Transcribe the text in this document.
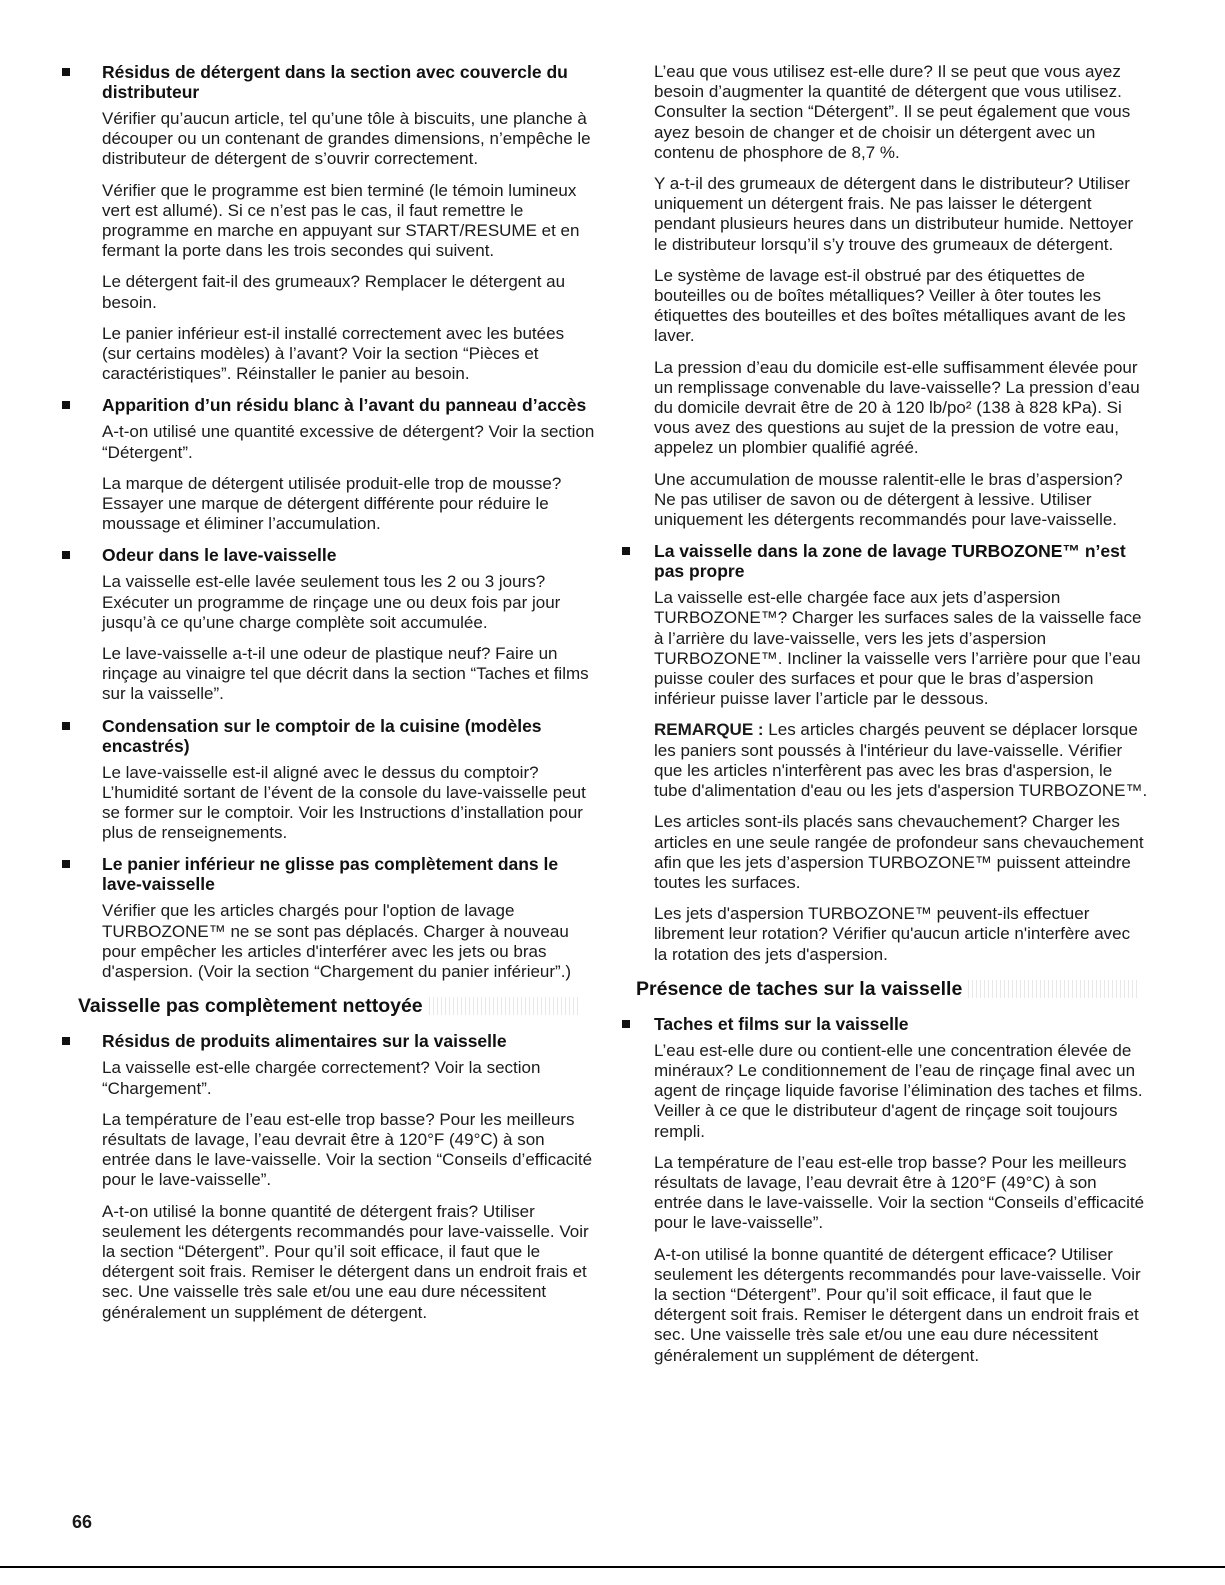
Résidus de détergent dans la section avec couvercle du distributeur

Vérifier qu’aucun article, tel qu’une tôle à biscuits, une planche à découper ou un contenant de grandes dimensions, n’empêche le distributeur de détergent de s’ouvrir correctement.

Vérifier que le programme est bien terminé (le témoin lumineux vert est allumé). Si ce n’est pas le cas, il faut remettre le programme en marche en appuyant sur START/RESUME et en fermant la porte dans les trois secondes qui suivent.

Le détergent fait-il des grumeaux? Remplacer le détergent au besoin.

Le panier inférieur est-il installé correctement avec les butées (sur certains modèles) à l’avant? Voir la section “Pièces et caractéristiques”. Réinstaller le panier au besoin.

Apparition d’un résidu blanc à l’avant du panneau d’accès

A-t-on utilisé une quantité excessive de détergent? Voir la section “Détergent”.

La marque de détergent utilisée produit-elle trop de mousse? Essayer une marque de détergent différente pour réduire le moussage et éliminer l’accumulation.

Odeur dans le lave-vaisselle

La vaisselle est-elle lavée seulement tous les 2 ou 3 jours? Exécuter un programme de rinçage une ou deux fois par jour jusqu’à ce qu’une charge complète soit accumulée.

Le lave-vaisselle a-t-il une odeur de plastique neuf? Faire un rinçage au vinaigre tel que décrit dans la section “Taches et films sur la vaisselle”.

Condensation sur le comptoir de la cuisine (modèles encastrés)

Le lave-vaisselle est-il aligné avec le dessus du comptoir? L’humidité sortant de l’évent de la console du lave-vaisselle peut se former sur le comptoir. Voir les Instructions d’installation pour plus de renseignements.

Le panier inférieur ne glisse pas complètement dans le lave-vaisselle

Vérifier que les articles chargés pour l'option de lavage TURBOZONE™ ne se sont pas déplacés. Charger à nouveau pour empêcher les articles d'interférer avec les jets ou bras d'aspersion. (Voir la section “Chargement du panier inférieur”.)

Vaisselle pas complètement nettoyée
Résidus de produits alimentaires sur la vaisselle

La vaisselle est-elle chargée correctement? Voir la section “Chargement”.

La température de l’eau est-elle trop basse? Pour les meilleurs résultats de lavage, l’eau devrait être à 120°F (49°C) à son entrée dans le lave-vaisselle. Voir la section “Conseils d’efficacité pour le lave-vaisselle”.

A-t-on utilisé la bonne quantité de détergent frais? Utiliser seulement les détergents recommandés pour lave-vaisselle. Voir la section “Détergent”. Pour qu’il soit efficace, il faut que le détergent soit frais. Remiser le détergent dans un endroit frais et sec. Une vaisselle très sale et/ou une eau dure nécessitent généralement un supplément de détergent.

L’eau que vous utilisez est-elle dure? Il se peut que vous ayez besoin d’augmenter la quantité de détergent que vous utilisez. Consulter la section “Détergent”. Il se peut également que vous ayez besoin de changer et de choisir un détergent avec un contenu de phosphore de 8,7 %.

Y a-t-il des grumeaux de détergent dans le distributeur? Utiliser uniquement un détergent frais. Ne pas laisser le détergent pendant plusieurs heures dans un distributeur humide. Nettoyer le distributeur lorsqu’il s’y trouve des grumeaux de détergent.

Le système de lavage est-il obstrué par des étiquettes de bouteilles ou de boîtes métalliques? Veiller à ôter toutes les étiquettes des bouteilles et des boîtes métalliques avant de les laver.

La pression d’eau du domicile est-elle suffisamment élevée pour un remplissage convenable du lave-vaisselle? La pression d’eau du domicile devrait être de 20 à 120 lb/po² (138 à 828 kPa). Si vous avez des questions au sujet de la pression de votre eau, appelez un plombier qualifié agréé.

Une accumulation de mousse ralentit-elle le bras d’aspersion? Ne pas utiliser de savon ou de détergent à lessive. Utiliser uniquement les détergents recommandés pour lave-vaisselle.

La vaisselle dans la zone de lavage TURBOZONE™ n’est pas propre

La vaisselle est-elle chargée face aux jets d’aspersion TURBOZONE™? Charger les surfaces sales de la vaisselle face à l’arrière du lave-vaisselle, vers les jets d’aspersion TURBOZONE™. Incliner la vaisselle vers l’arrière pour que l’eau puisse couler des surfaces et pour que le bras d’aspersion inférieur puisse laver l’article par le dessous.

REMARQUE : Les articles chargés peuvent se déplacer lorsque les paniers sont poussés à l'intérieur du lave-vaisselle. Vérifier que les articles n'interfèrent pas avec les bras d'aspersion, le tube d'alimentation d'eau ou les jets d'aspersion TURBOZONE™.

Les articles sont-ils placés sans chevauchement? Charger les articles en une seule rangée de profondeur sans chevauchement afin que les jets d’aspersion TURBOZONE™ puissent atteindre toutes les surfaces.

Les jets d'aspersion TURBOZONE™ peuvent-ils effectuer librement leur rotation? Vérifier qu'aucun article n'interfère avec la rotation des jets d'aspersion.

Présence de taches sur la vaisselle
Taches et films sur la vaisselle

L’eau est-elle dure ou contient-elle une concentration élevée de minéraux? Le conditionnement de l’eau de rinçage final avec un agent de rinçage liquide favorise l’élimination des taches et films. Veiller à ce que le distributeur d'agent de rinçage soit toujours rempli.

La température de l’eau est-elle trop basse? Pour les meilleurs résultats de lavage, l’eau devrait être à 120°F (49°C) à son entrée dans le lave-vaisselle. Voir la section “Conseils d’efficacité pour le lave-vaisselle”.

A-t-on utilisé la bonne quantité de détergent efficace? Utiliser seulement les détergents recommandés pour lave-vaisselle. Voir la section “Détergent”. Pour qu’il soit efficace, il faut que le détergent soit frais. Remiser le détergent dans un endroit frais et sec. Une vaisselle très sale et/ou une eau dure nécessitent généralement un supplément de détergent.

66
